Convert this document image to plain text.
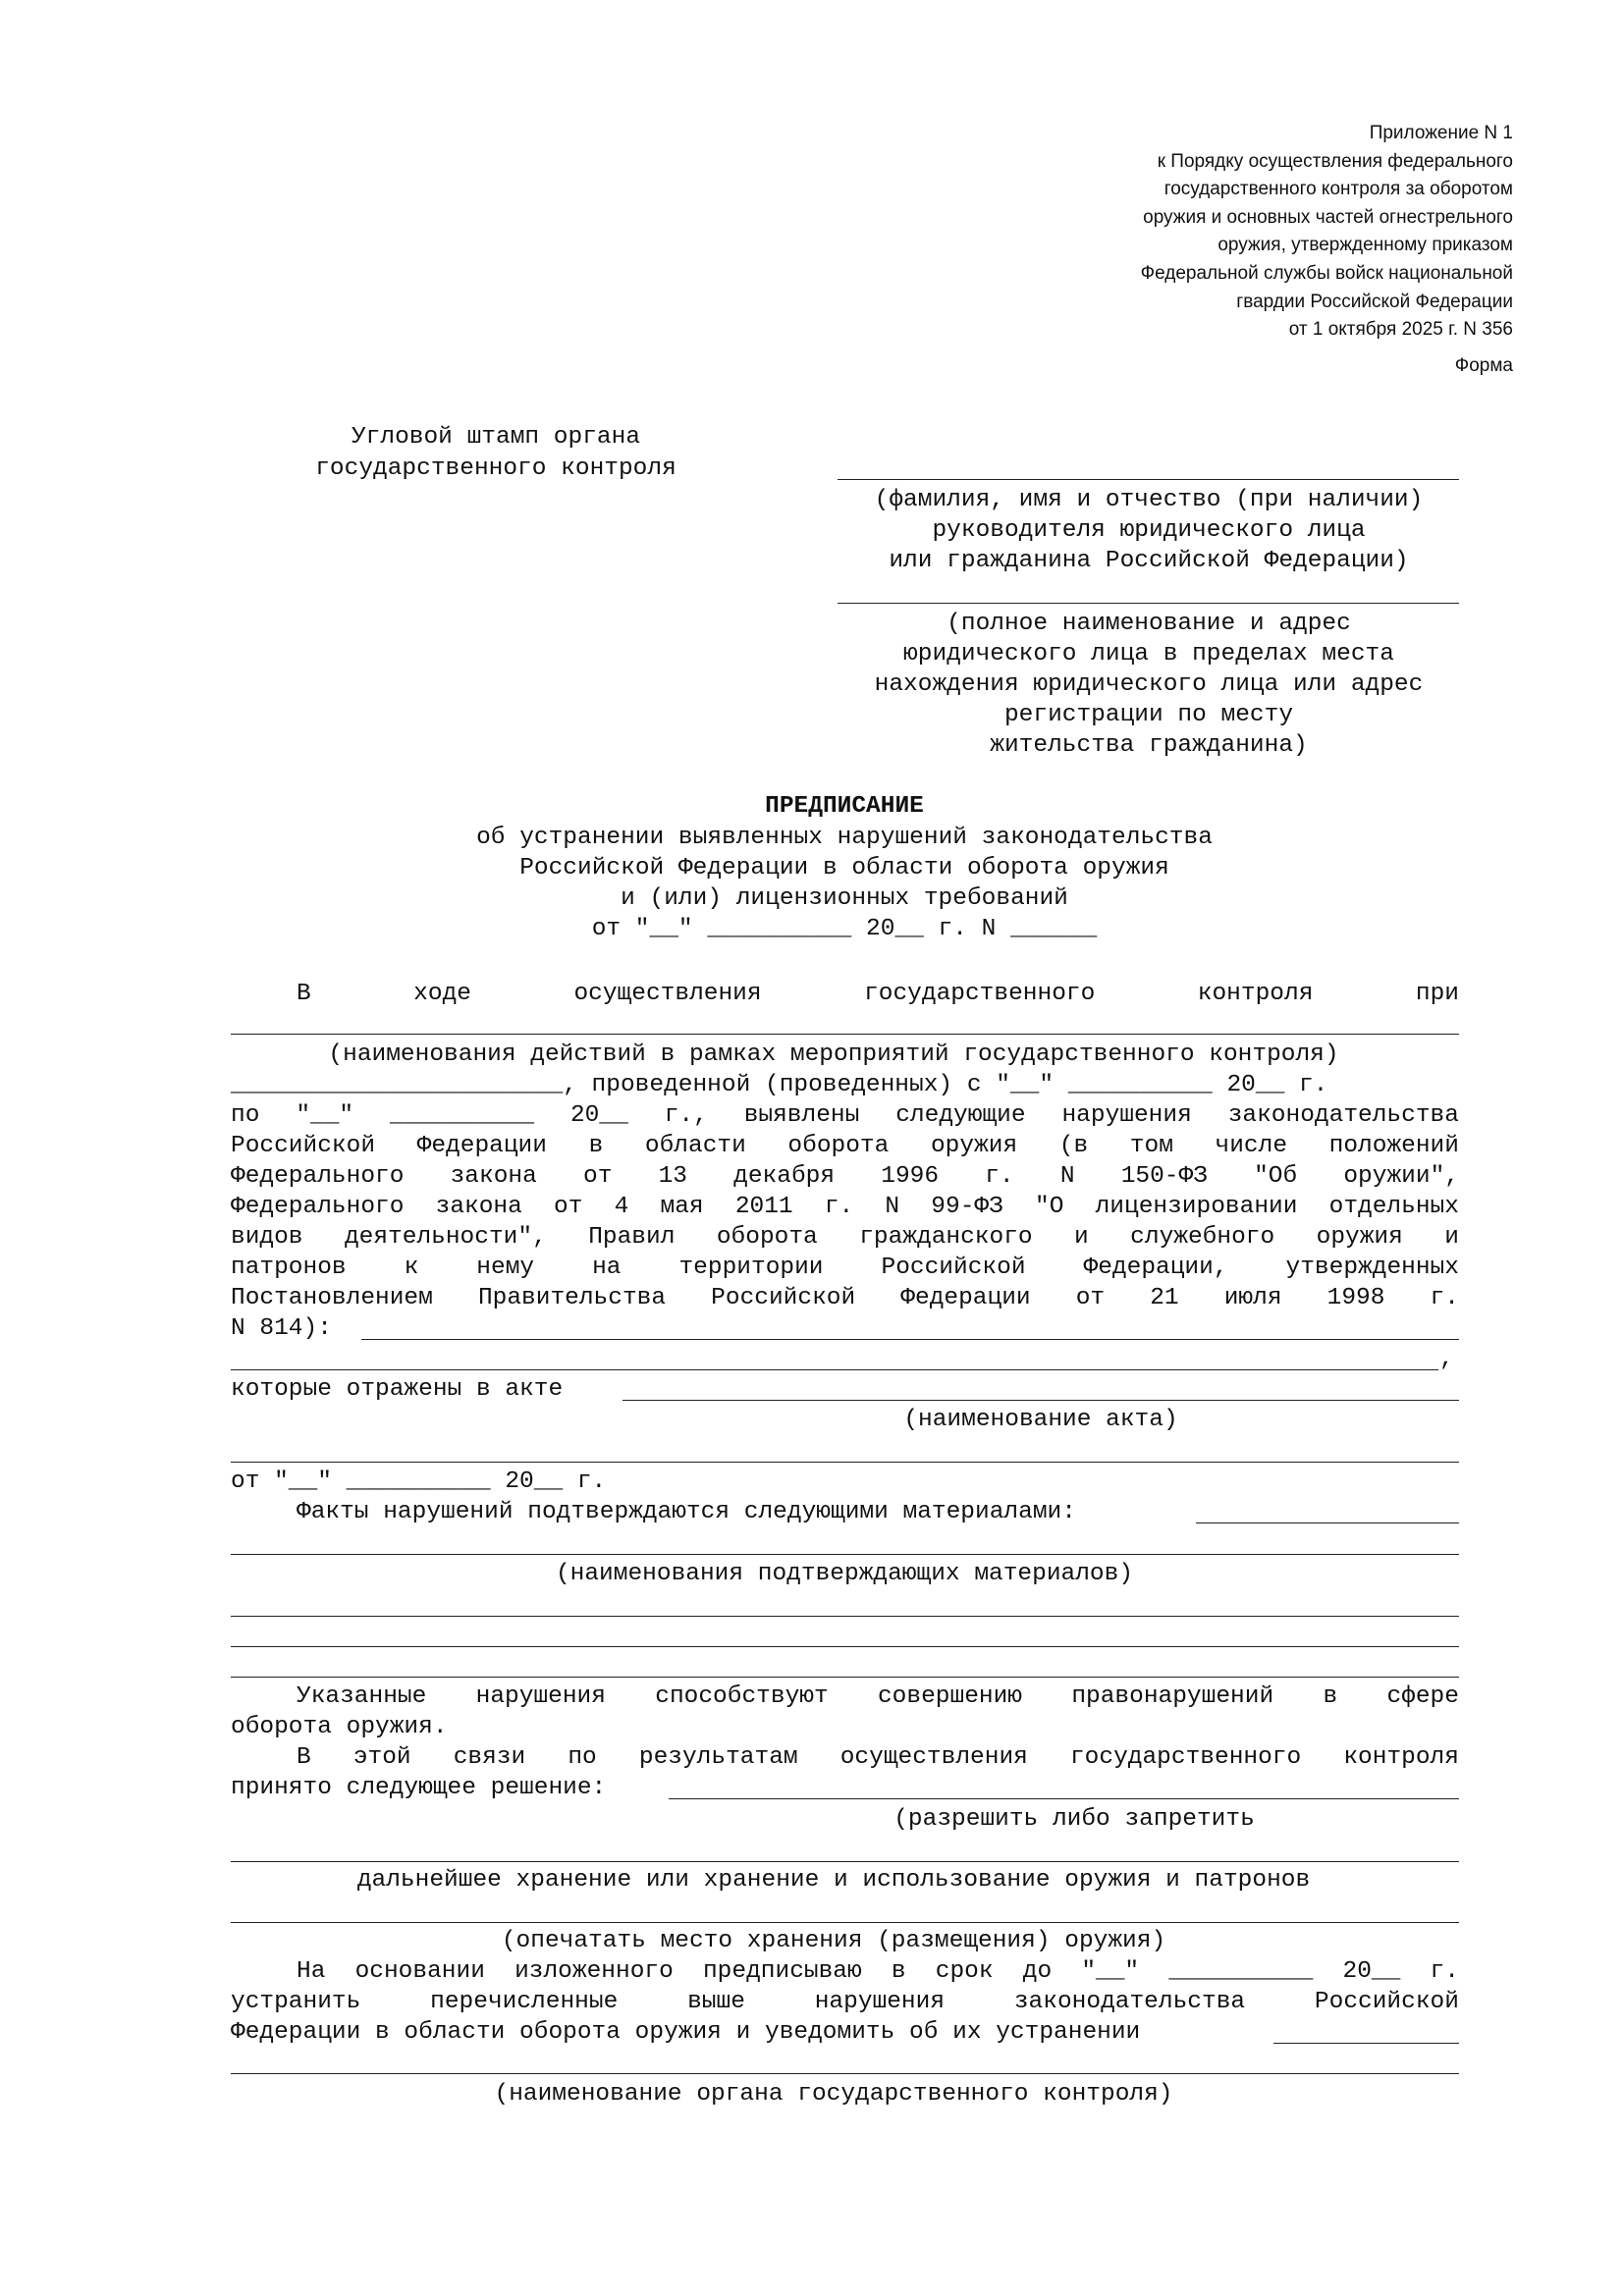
Приложение N 1
к Порядку осуществления федерального
государственного контроля за оборотом
оружия и основных частей огнестрельного
оружия, утвержденному приказом
Федеральной службы войск национальной
гвардии Российской Федерации
от 1 октября 2025 г. N 356
Форма
Угловой штамп органа
государственного контроля
(фамилия, имя и отчество (при наличии)
руководителя юридического лица
или гражданина Российской Федерации)
(полное наименование и адрес
юридического лица в пределах места
нахождения юридического лица или адрес
регистрации по месту
жительства гражданина)
ПРЕДПИСАНИЕ
об устранении выявленных нарушений законодательства
Российской Федерации в области оборота оружия
и (или) лицензионных требований
от "__" __________ 20__ г. N ______
В	ходе	осуществления	государственного	контроля	при
(наименования действий в рамках мероприятий государственного контроля)
_______________________, проведенной (проведенных) с "__" __________ 20__ г.
по "__" __________ 20__ г., выявлены следующие нарушения законодательства
Российской Федерации в области оборота оружия (в том числе положений
Федерального закона от 13 декабря 1996 г. N 150-ФЗ "Об оружии",
Федерального закона от 4 мая 2011 г. N 99-ФЗ "О лицензировании отдельных
видов деятельности", Правил оборота гражданского и служебного оружия и
патронов к нему на территории Российской Федерации, утвержденных
Постановлением Правительства Российской Федерации от 21 июля 1998 г.
N 814):
,
которые отражены в акте
(наименование акта)
от "__" __________ 20__ г.
Факты нарушений подтверждаются следующими материалами:
(наименования подтверждающих материалов)
Указанные нарушения способствуют совершению правонарушений в сфере
оборота оружия.
В этой связи по результатам осуществления государственного контроля
принято следующее решение:
(разрешить либо запретить
дальнейшее хранение или хранение и использование оружия и патронов
(опечатать место хранения (размещения) оружия)
На основании изложенного предписываю в срок до "__" __________ 20__ г.
устранить	перечисленные	выше	нарушения	законодательства	Российской
Федерации в области оборота оружия и уведомить об их устранении
(наименование органа государственного контроля)
